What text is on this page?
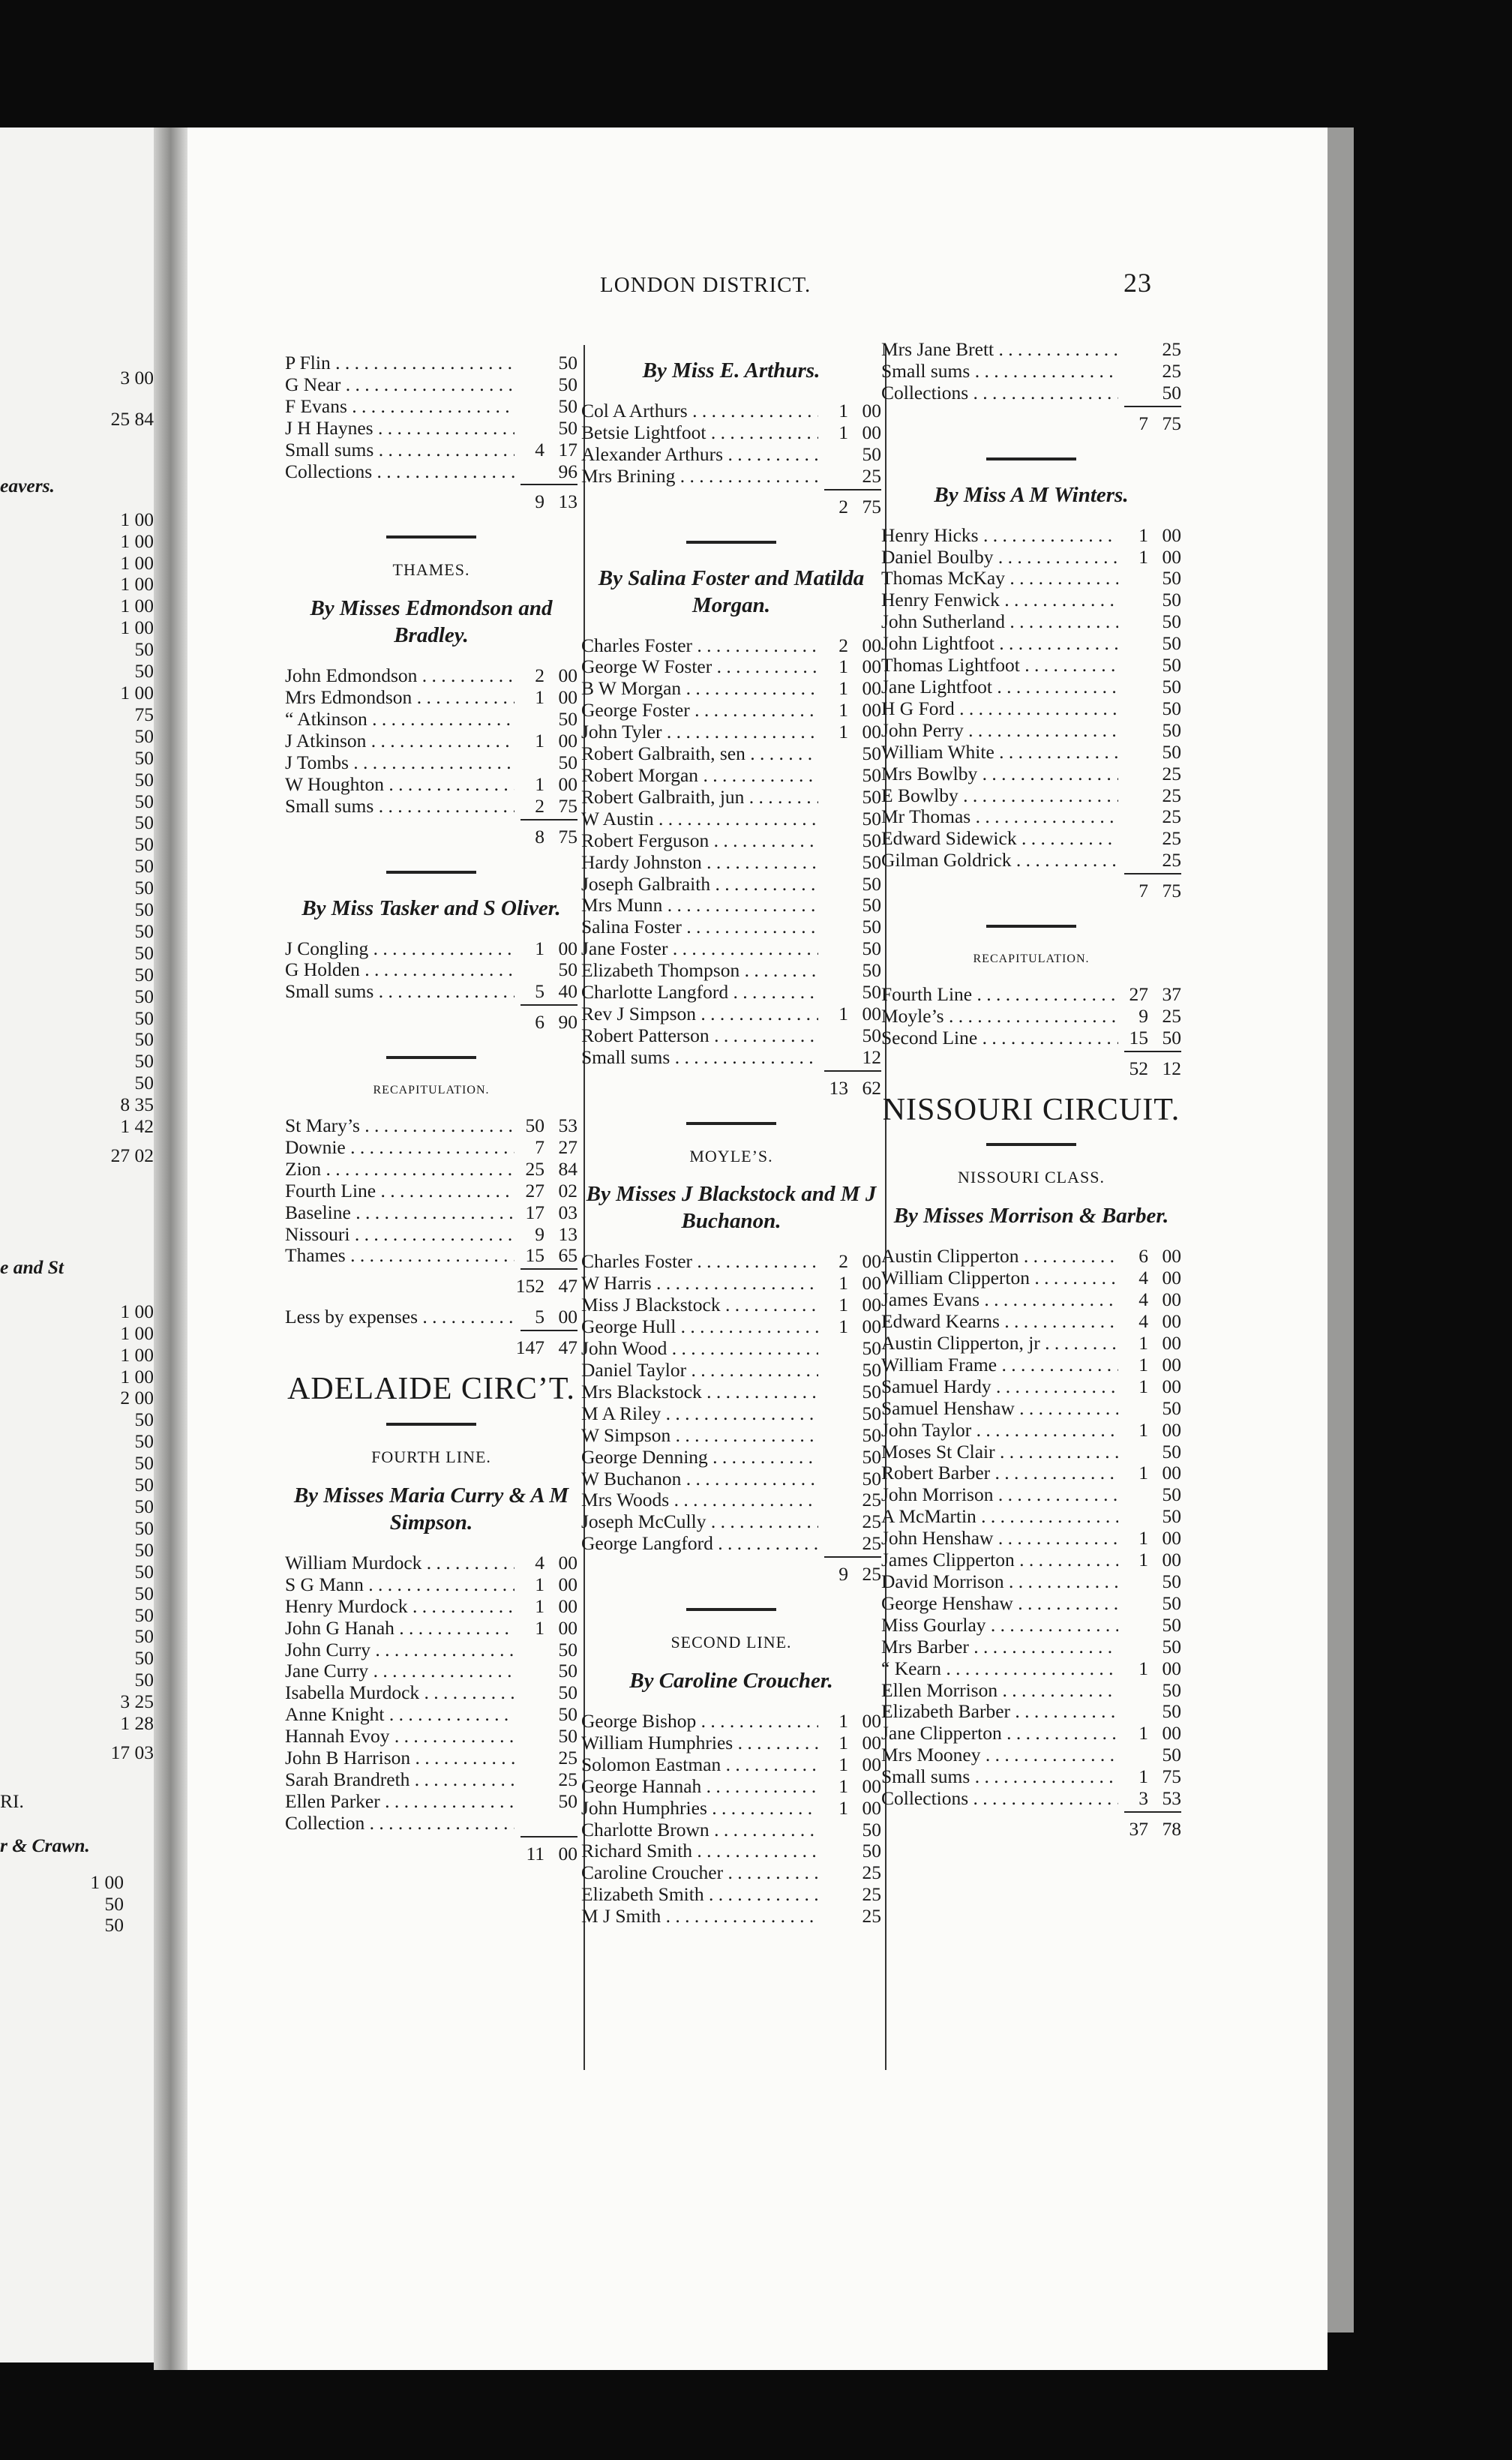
3 00
25 84
eavers.
1 00
1 00
1 00
1 00
1 00
1 00
50
50
1 00
75
50
50
50
50
50
50
50
50
50
50
50
50
50
50
50
50
50
8 35
1 42
27 02
e and St
1 00
1 00
1 00
1 00
2 00
50
50
50
50
50
50
50
50
50
50
50
50
50
3 25
1 28
17 03
RI.
r & Crawn.
1 00
50
50
LONDON DISTRICT.	23
P Flin . . .	50
G Near . . .	50
F Evans . . .	50
J H Haynes . . .	50
Small sums . . .	4 17
Collections . . .	96
9 13
THAMES.
By Misses Edmondson and Bradley.
John Edmondson . . .	2 00
Mrs Edmondson . . .	1 00
“ Atkinson . . .	50
J Atkinson . . .	1 00
J Tombs . . .	50
W Houghton . . .	1 00
Small sums . . .	2 75
8 75
By Miss Tasker and S Oliver.
J Congling . . .	1 00
G Holden . . .	50
Small sums . . .	5 40
6 90
RECAPITULATION.
St Mary’s . . .	50 53
Downie . . .	7 27
Zion . . .	25 84
Fourth Line . . .	27 02
Baseline . . .	17 03
Nissouri . . .	9 13
Thames . . .	15 65
152 47
Less by expenses . . .	5 00
147 47
ADELAIDE CIRC’T.
FOURTH LINE.
By Misses Maria Curry & A M Simpson.
William Murdock . . .	4 00
S G Mann . . .	1 00
Henry Murdock . . .	1 00
John G Hanah . . .	1 00
John Curry . . .	50
Jane Curry . . .	50
Isabella Murdock . . .	50
Anne Knight . . .	50
Hannah Evoy . . .	50
John B Harrison . . .	25
Sarah Brandreth . . .	25
Ellen Parker . . .	50
Collection . . .
11 00
By Miss E. Arthurs.
Col A Arthurs . . .	1 00
Betsie Lightfoot . . .	1 00
Alexander Arthurs . . .	50
Mrs Brining . . .	25
2 75
By Salina Foster and Matilda Morgan.
Charles Foster . . .	2 00
George W Foster . . .	1 00
B W Morgan . . .	1 00
George Foster . . .	1 00
John Tyler . . .	1 00
Robert Galbraith, sen . . .	50
Robert Morgan . . .	50
Robert Galbraith, jun . . .	50
W Austin . . .	50
Robert Ferguson . . .	50
Hardy Johnston . . .	50
Joseph Galbraith . . .	50
Mrs Munn . . .	50
Salina Foster . . .	50
Jane Foster . . .	50
Elizabeth Thompson . . .	50
Charlotte Langford . . .	50
Rev J Simpson . . .	1 00
Robert Patterson . . .	50
Small sums . . .	12
13 62
MOYLE’S.
By Misses J Blackstock and M J Buchanon.
Charles Foster . . .	2 00
W Harris . . .	1 00
Miss J Blackstock . . .	1 00
George Hull . . .	1 00
John Wood . . .	50
Daniel Taylor . . .	50
Mrs Blackstock . . .	50
M A Riley . . .	50
W Simpson . . .	50
George Denning . . .	50
W Buchanon . . .	50
Mrs Woods . . .	25
Joseph McCully . . .	25
George Langford . . .	25
9 25
SECOND LINE.
By Caroline Croucher.
George Bishop . . .	1 00
William Humphries . . .	1 00
Solomon Eastman . . .	1 00
George Hannah . . .	1 00
John Humphries . . .	1 00
Charlotte Brown . . .	50
Richard Smith . . .	50
Caroline Croucher . . .	25
Elizabeth Smith . . .	25
M J Smith . . .	25
Mrs Jane Brett . . .	25
Small sums . . .	25
Collections . . .	50
7 75
By Miss A M Winters.
Henry Hicks . . .	1 00
Daniel Boulby . . .	1 00
Thomas McKay . . .	50
Henry Fenwick . . .	50
John Sutherland . . .	50
John Lightfoot . . .	50
Thomas Lightfoot . . .	50
Jane Lightfoot . . .	50
H G Ford . . .	50
John Perry . . .	50
William White . . .	50
Mrs Bowlby . . .	25
E Bowlby . . .	25
Mr Thomas . . .	25
Edward Sidewick . . .	25
Gilman Goldrick . . .	25
7 75
RECAPITULATION.
Fourth Line . . .	27 37
Moyle’s . . .	9 25
Second Line . . .	15 50
52 12
NISSOURI CIRCUIT.
NISSOURI CLASS.
By Misses Morrison & Barber.
Austin Clipperton . . .	6 00
William Clipperton . . .	4 00
James Evans . . .	4 00
Edward Kearns . . .	4 00
Austin Clipperton, jr . . .	1 00
William Frame . . .	1 00
Samuel Hardy . . .	1 00
Samuel Henshaw . . .	50
John Taylor . . .	1 00
Moses St Clair . . .	50
Robert Barber . . .	1 00
John Morrison . . .	50
A McMartin . . .	50
John Henshaw . . .	1 00
James Clipperton . . .	1 00
David Morrison . . .	50
George Henshaw . . .	50
Miss Gourlay . . .	50
Mrs Barber . . .	50
“ Kearn . . .	1 00
Ellen Morrison . . .	50
Elizabeth Barber . . .	50
Jane Clipperton . . .	1 00
Mrs Mooney . . .	50
Small sums . . .	1 75
Collections . . .	3 53
37 78
